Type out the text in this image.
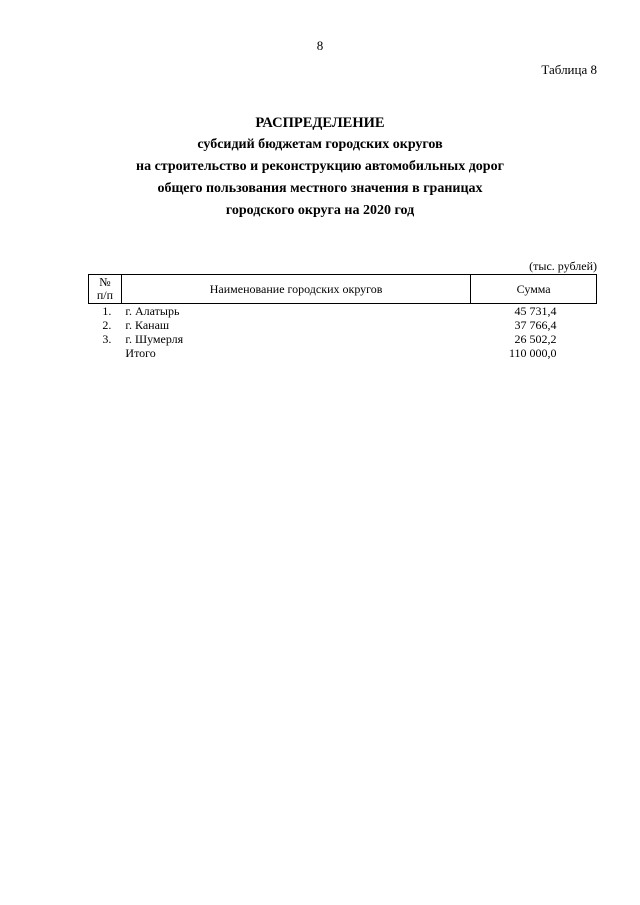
8
Таблица 8
РАСПРЕДЕЛЕНИЕ
субсидий бюджетам городских округов
на строительство и реконструкцию автомобильных дорог
общего пользования местного значения в границах
городского округа на 2020 год
(тыс. рублей)
№
п/п	Наименование городских округов	Сумма
1.	г. Алатырь	45 731,4
2.	г. Канаш	37 766,4
3.	г. Шумерля	26 502,2
	Итого	110 000,0
